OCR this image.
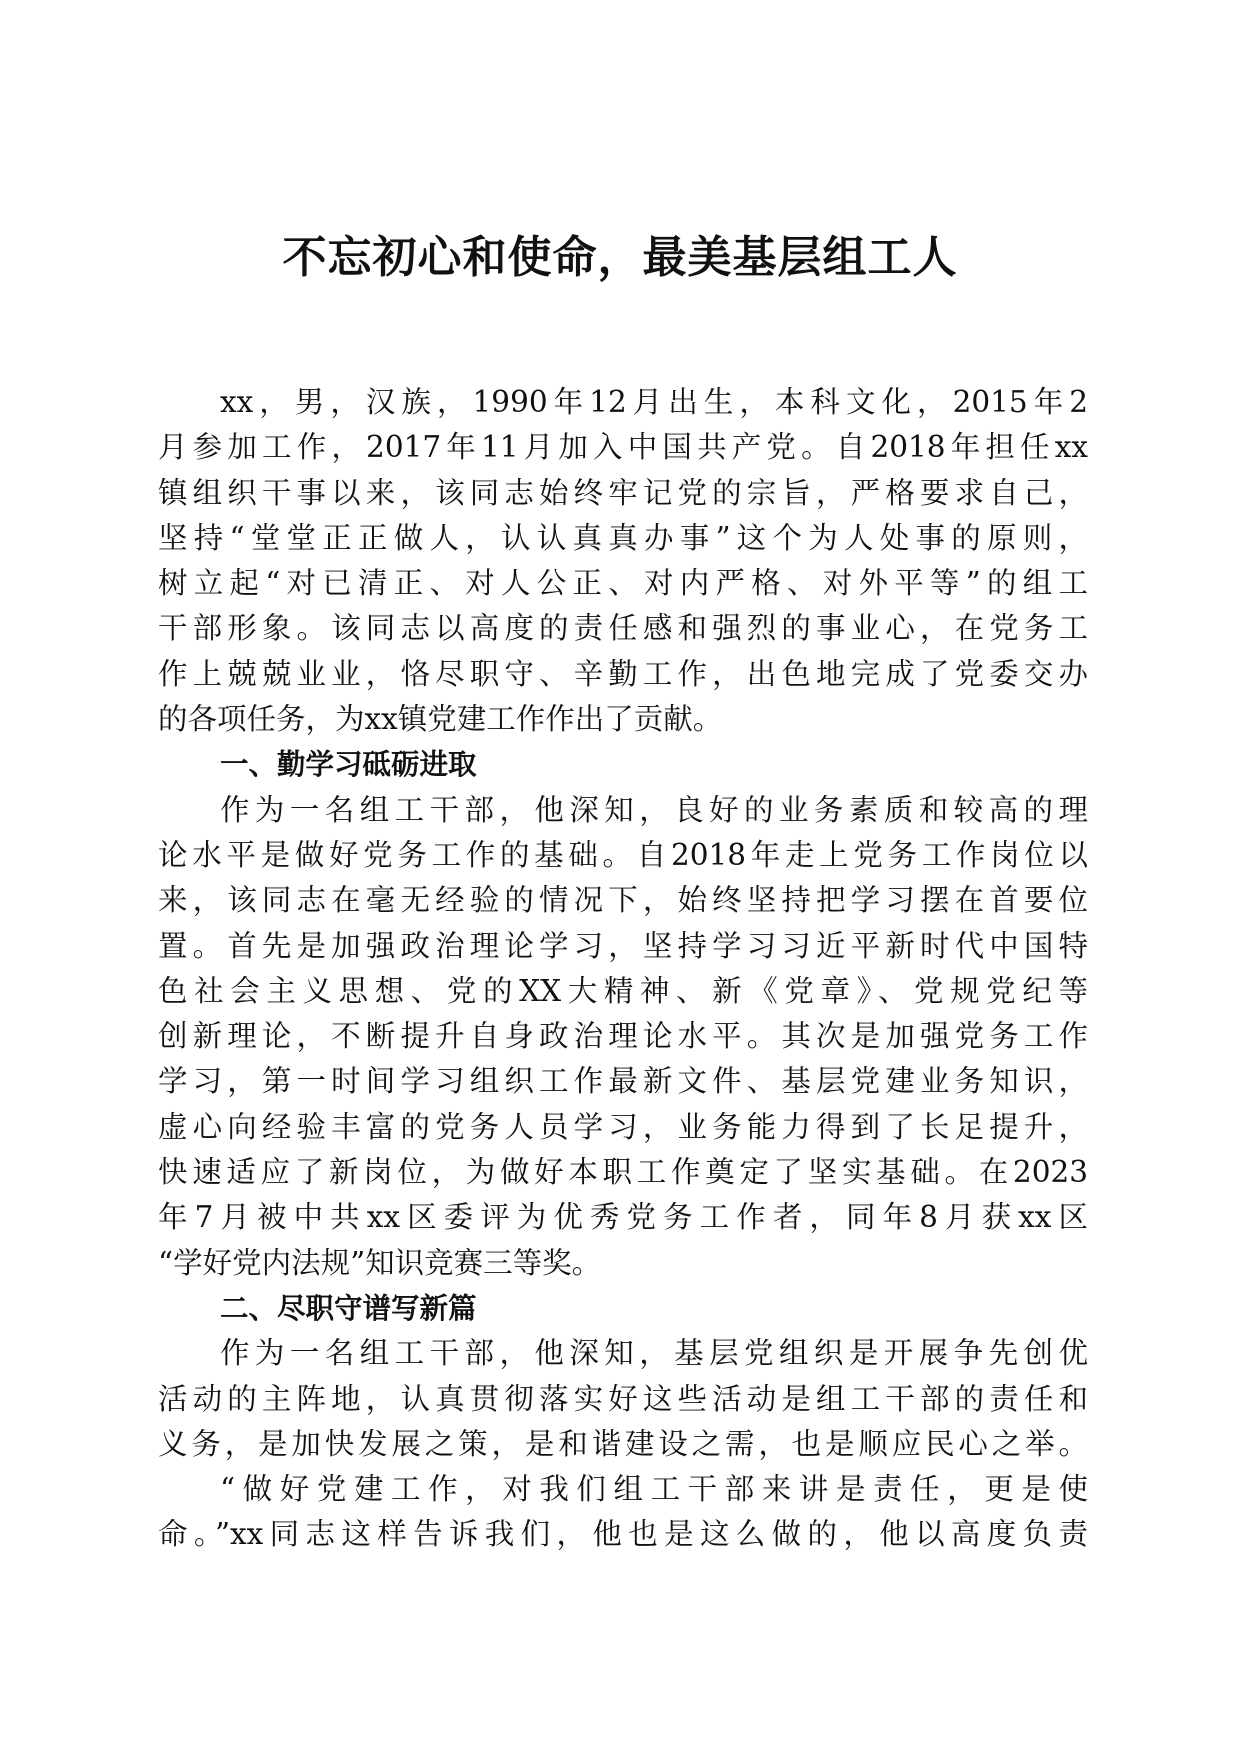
不忘初心和使命，最美基层组工人
xx，男，汉族，1990年12月出生，本科文化，2015年2
月参加工作，2017年11月加入中国共产党。自2018年担任xx
镇组织干事以来，该同志始终牢记党的宗旨，严格要求自己，
坚持“堂堂正正做人，认认真真办事”这个为人处事的原则，
树立起“对已清正、对人公正、对内严格、对外平等”的组工
干部形象。该同志以高度的责任感和强烈的事业心，在党务工
作上兢兢业业，恪尽职守、辛勤工作，出色地完成了党委交办
的各项任务，为xx镇党建工作作出了贡献。
一、勤学习砥砺进取
作为一名组工干部，他深知，良好的业务素质和较高的理
论水平是做好党务工作的基础。自2018年走上党务工作岗位以
来，该同志在毫无经验的情况下，始终坚持把学习摆在首要位
置。首先是加强政治理论学习，坚持学习习近平新时代中国特
色社会主义思想、党的XX大精神、新《党章》、党规党纪等
创新理论，不断提升自身政治理论水平。其次是加强党务工作
学习，第一时间学习组织工作最新文件、基层党建业务知识，
虚心向经验丰富的党务人员学习，业务能力得到了长足提升，
快速适应了新岗位，为做好本职工作奠定了坚实基础。在2023
年7月被中共xx区委评为优秀党务工作者，同年8月获xx区
“学好党内法规”知识竞赛三等奖。
二、尽职守谱写新篇
作为一名组工干部，他深知，基层党组织是开展争先创优
活动的主阵地，认真贯彻落实好这些活动是组工干部的责任和
义务，是加快发展之策，是和谐建设之需，也是顺应民心之举。
“做好党建工作，对我们组工干部来讲是责任，更是使
命。”xx同志这样告诉我们，他也是这么做的，他以高度负责
